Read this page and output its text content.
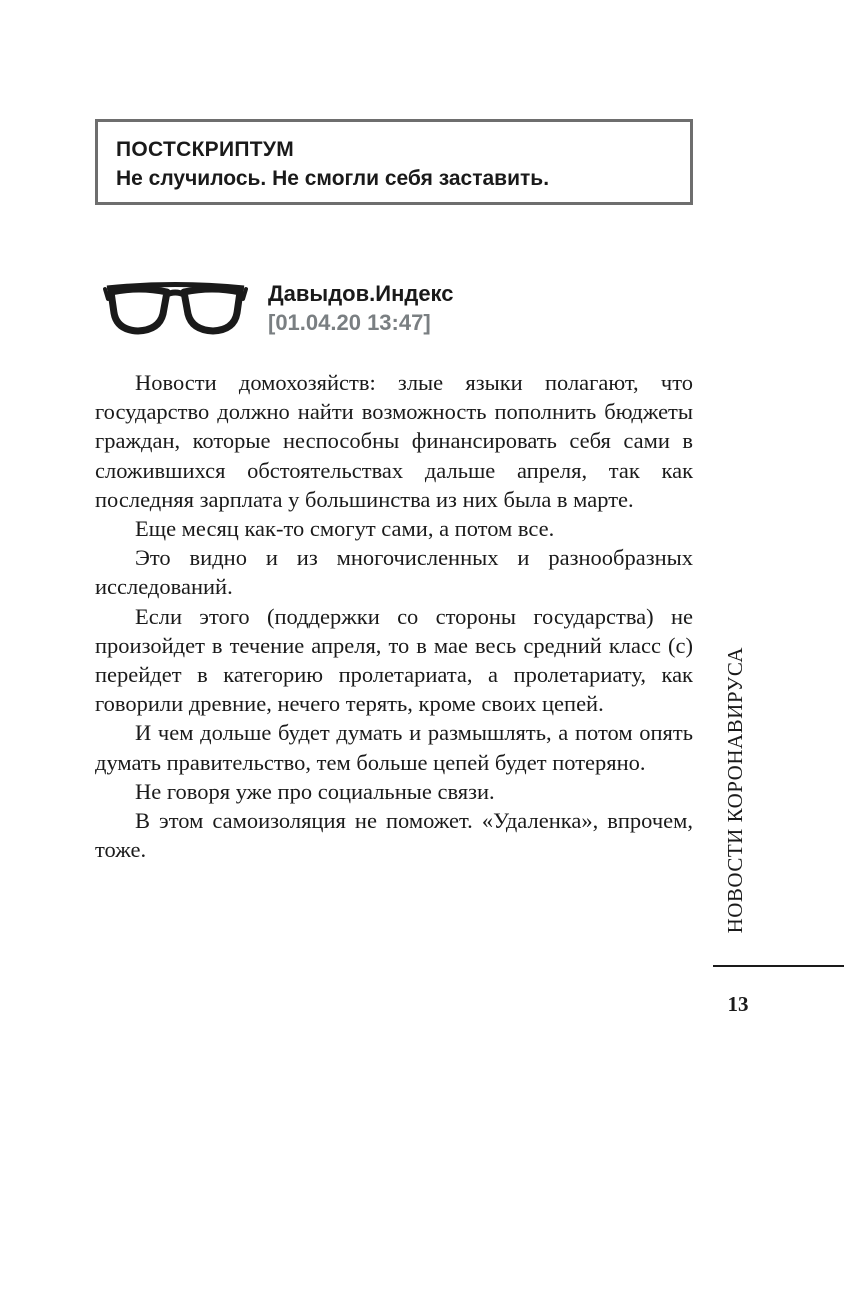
ПОСТСКРИПТУМ
Не случилось. Не смогли себя заставить.
Давыдов.Индекс
[01.04.20 13:47]

Новости домохозяйств: злые языки полагают, что государство должно найти возможность пополнить бюджеты граждан, которые неспособны финансировать себя сами в сложившихся обстоятельствах дальше апреля, так как последняя зарплата у большинства из них была в марте.

Еще месяц как-то смогут сами, а потом все.

Это видно и из многочисленных и разнообразных исследований.

Если этого (поддержки со стороны государства) не произойдет в течение апреля, то в мае весь средний класс (с) перейдет в категорию пролетариата, а пролетариату, как говорили древние, нечего терять, кроме своих цепей.

И чем дольше будет думать и размышлять, а потом опять думать правительство, тем больше цепей будет потеряно.

Не говоря уже про социальные связи.

В этом самоизоляция не поможет. «Удаленка», впрочем, тоже.	НОВОСТИ КОРОНАВИРУСА
13
